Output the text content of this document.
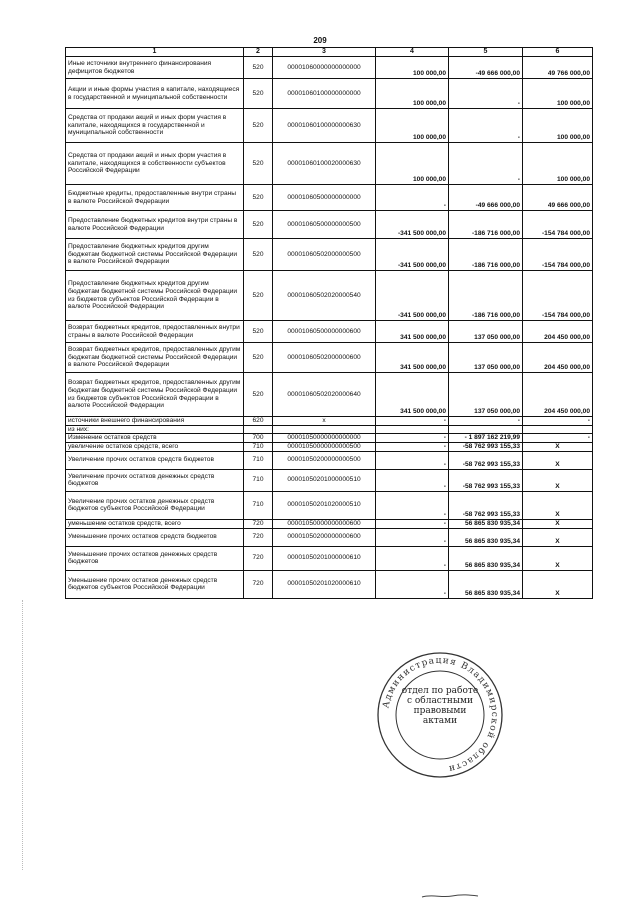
209
1	2	3	4	5	6
Иные источники внутреннего финансирования дефицитов бюджетов	520	00001060000000000000	100 000,00	-49 666 000,00	49 766 000,00
Акции и иные формы участия в капитале, находящиеся в государственной и муниципальной собственности	520	00001060100000000000	100 000,00	-	100 000,00
Средства от продажи акций и иных форм участия в капитале, находящихся в государственной и муниципальной собственности	520	00001060100000000630	100 000,00	-	100 000,00
Средства от продажи акций и иных форм участия в капитале, находящихся в собственности субъектов Российской Федерации	520	00001060100020000630	100 000,00	-	100 000,00
Бюджетные кредиты, предоставленные внутри страны в валюте Российской Федерации	520	00001060500000000000	-	-49 666 000,00	49 666 000,00
Предоставление бюджетных кредитов внутри страны в валюте Российской Федерации	520	00001060500000000500	-341 500 000,00	-186 716 000,00	-154 784 000,00
Предоставление бюджетных кредитов другим бюджетам бюджетной системы Российской Федерации в валюте Российской Федерации	520	00001060502000000500	-341 500 000,00	-186 716 000,00	-154 784 000,00
Предоставление бюджетных кредитов другим бюджетам бюджетной системы Российской Федерации из бюджетов субъектов Российской Федерации в валюте Российской Федерации	520	00001060502020000540	-341 500 000,00	-186 716 000,00	-154 784 000,00
Возврат бюджетных кредитов, предоставленных внутри страны в валюте Российской Федерации	520	00001060500000000600	341 500 000,00	137 050 000,00	204 450 000,00
Возврат бюджетных кредитов, предоставленных другим бюджетам бюджетной системы Российской Федерации в валюте Российской Федерации	520	00001060502000000600	341 500 000,00	137 050 000,00	204 450 000,00
Возврат бюджетных кредитов, предоставленных другим бюджетам бюджетной системы Российской Федерации из бюджетов субъектов Российской Федерации в валюте Российской Федерации	520	00001060502020000640	341 500 000,00	137 050 000,00	204 450 000,00
источники внешнего финансирования	620	x	-	-	-
из них:					
Изменение остатков средств	700	00001050000000000000	-	- 1 897 162 219,99	-
увеличение остатков средств, всего	710	00001050000000000500	-	-58 762 993 155,33	X
Увеличение прочих остатков средств бюджетов	710	00001050200000000500	-	-58 762 993 155,33	X
Увеличение прочих остатков денежных средств бюджетов	710	00001050201000000510	-	-58 762 993 155,33	X
Увеличение прочих остатков денежных средств бюджетов субъектов Российской Федерации	710	00001050201020000510	-	-58 762 993 155,33	X
уменьшение остатков средств, всего	720	00001050000000000600	-	56 865 830 935,34	X
Уменьшение прочих остатков средств бюджетов	720	00001050200000000600	-	56 865 830 935,34	X
Уменьшение прочих остатков денежных средств бюджетов	720	00001050201000000610	-	56 865 830 935,34	X
Уменьшение прочих остатков денежных средств бюджетов субъектов Российской Федерации	720	00001050201020000610	-	56 865 830 935,34	X
Администрация Владимирской области
отдел по работе
с областными
правовыми
актами
